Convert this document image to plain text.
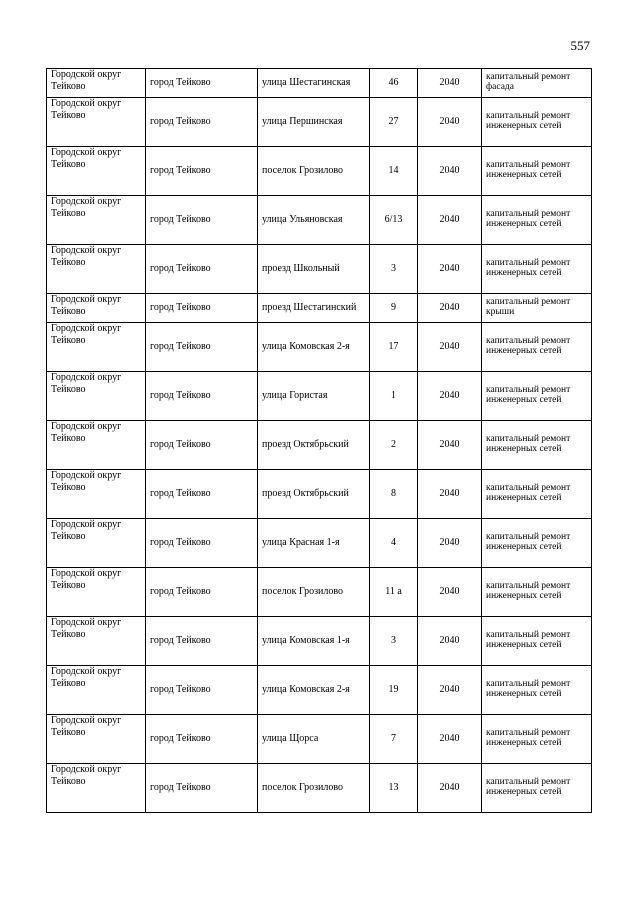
557
Городской округ Тейково	город Тейково	улица Шестагинская	46	2040	капитальный ремонт фасада
Городской округ Тейково	город Тейково	улица Першинская	27	2040	капитальный ремонт инженерных сетей
Городской округ Тейково	город Тейково	поселок Грозилово	14	2040	капитальный ремонт инженерных сетей
Городской округ Тейково	город Тейково	улица Ульяновская	6/13	2040	капитальный ремонт инженерных сетей
Городской округ Тейково	город Тейково	проезд Школьный	3	2040	капитальный ремонт инженерных сетей
Городской округ Тейково	город Тейково	проезд Шестагинский	9	2040	капитальный ремонт крыши
Городской округ Тейково	город Тейково	улица Комовская 2-я	17	2040	капитальный ремонт инженерных сетей
Городской округ Тейково	город Тейково	улица Гористая	1	2040	капитальный ремонт инженерных сетей
Городской округ Тейково	город Тейково	проезд Октябрьский	2	2040	капитальный ремонт инженерных сетей
Городской округ Тейково	город Тейково	проезд Октябрьский	8	2040	капитальный ремонт инженерных сетей
Городской округ Тейково	город Тейково	улица Красная 1-я	4	2040	капитальный ремонт инженерных сетей
Городской округ Тейково	город Тейково	поселок Грозилово	11 а	2040	капитальный ремонт инженерных сетей
Городской округ Тейково	город Тейково	улица Комовская 1-я	3	2040	капитальный ремонт инженерных сетей
Городской округ Тейково	город Тейково	улица Комовская 2-я	19	2040	капитальный ремонт инженерных сетей
Городской округ Тейково	город Тейково	улица Щорса	7	2040	капитальный ремонт инженерных сетей
Городской округ Тейково	город Тейково	поселок Грозилово	13	2040	капитальный ремонт инженерных сетей
